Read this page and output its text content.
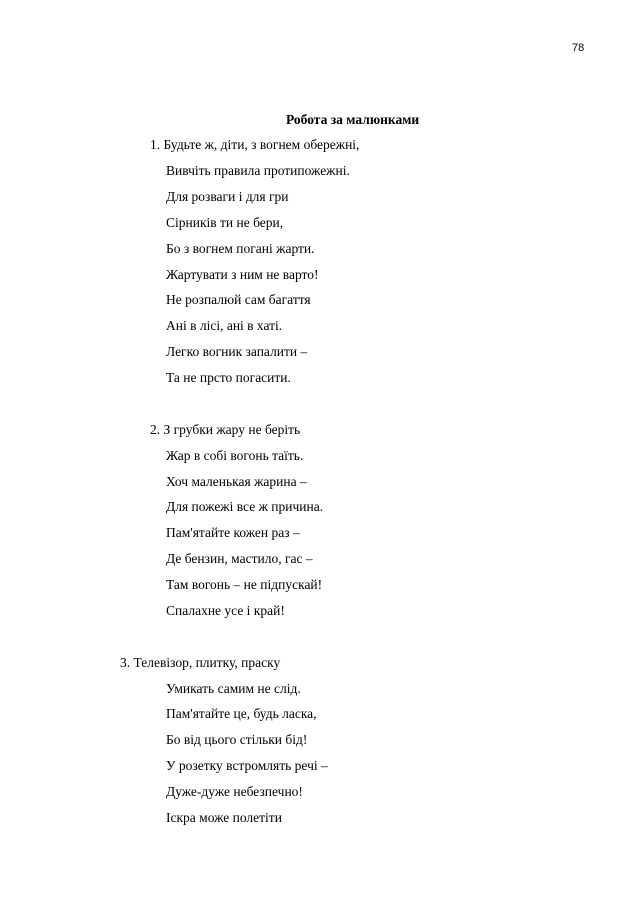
78
Робота за малюнками
1. Будьте ж, діти, з вогнем обережні,
Вивчіть правила протипожежні.
Для розваги і для гри
Сірників ти не бери,
Бо з вогнем погані жарти.
Жартувати з ним не варто!
Не розпалюй сам багаття
Ані в лісі, ані в хаті.
Легко вогник запалити –
Та не прсто погасити.
2. З грубки жару не беріть
Жар в собі вогонь таїть.
Хоч маленькая жарина –
Для пожежі все ж причина.
Пам'ятайте кожен раз –
Де бензин, мастило, гас –
Там вогонь – не підпускай!
Спалахне усе і край!
3. Телевізор, плитку, праску
Умикать самим не слід.
Пам'ятайте це, будь ласка,
Бо від цього стільки бід!
У розетку встромлять речі –
Дуже-дуже небезпечно!
Іскра може полетіти
